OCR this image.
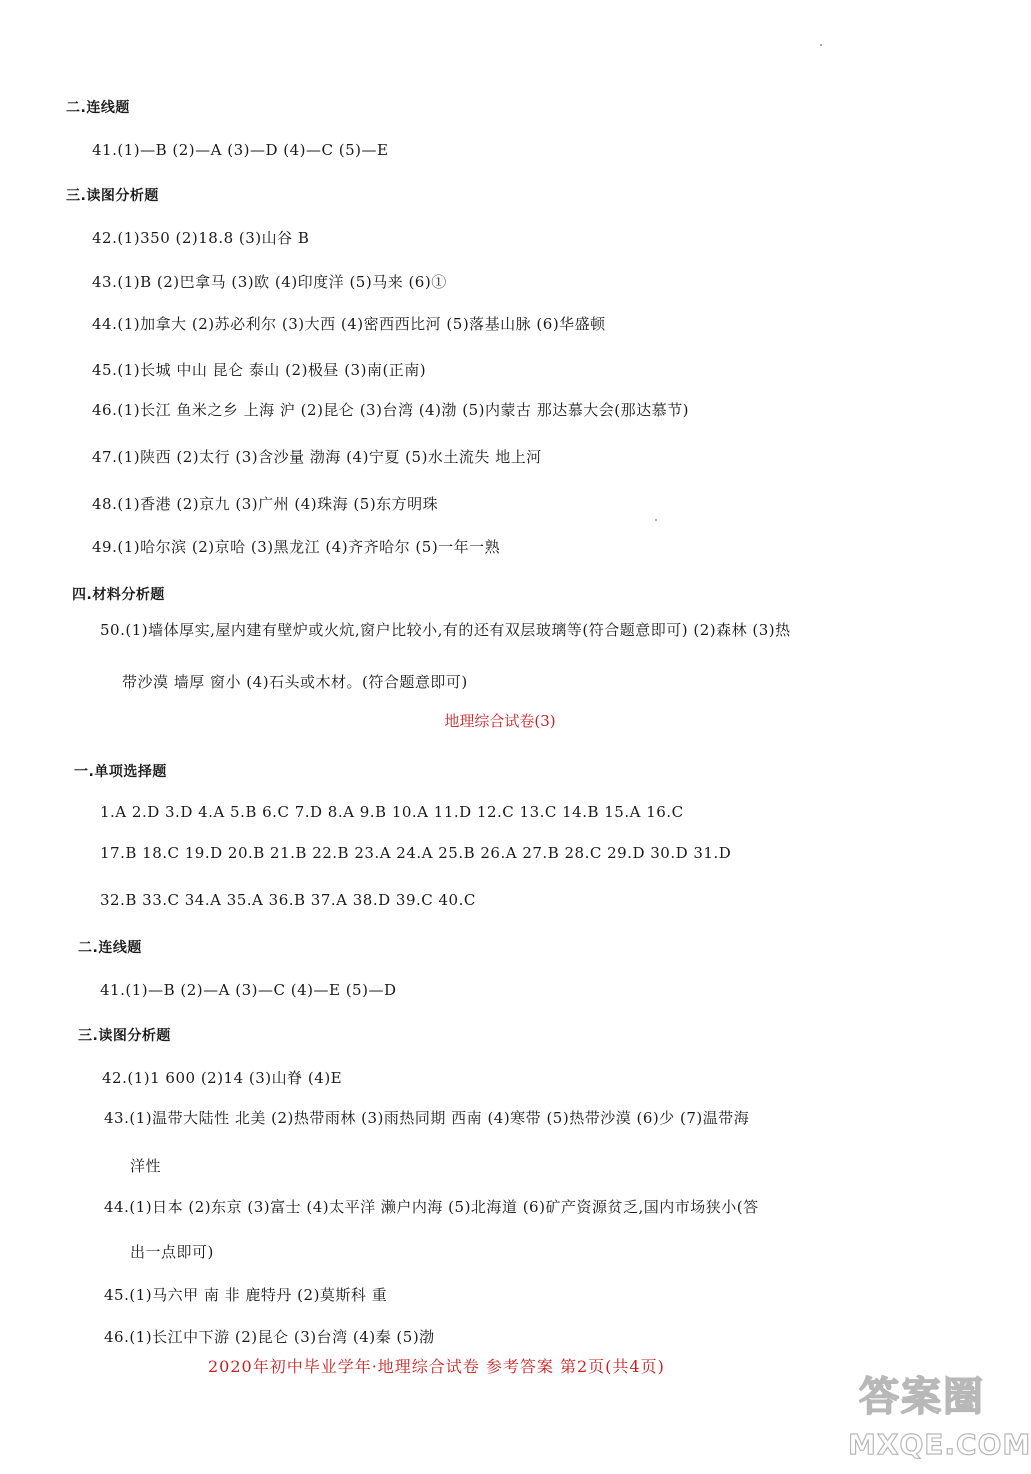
二.连线题
41.(1)—B (2)—A (3)—D (4)—C (5)—E
三.读图分析题
42.(1)350 (2)18.8 (3)山谷 B
43.(1)B (2)巴拿马 (3)欧 (4)印度洋 (5)马来 (6)①
44.(1)加拿大 (2)苏必利尔 (3)大西 (4)密西西比河 (5)落基山脉 (6)华盛顿
45.(1)长城 中山 昆仑 泰山 (2)极昼 (3)南(正南)
46.(1)长江 鱼米之乡 上海 沪 (2)昆仑 (3)台湾 (4)渤 (5)内蒙古 那达慕大会(那达慕节)
47.(1)陕西 (2)太行 (3)含沙量 渤海 (4)宁夏 (5)水土流失 地上河
48.(1)香港 (2)京九 (3)广州 (4)珠海 (5)东方明珠
49.(1)哈尔滨 (2)京哈 (3)黑龙江 (4)齐齐哈尔 (5)一年一熟
四.材料分析题
50.(1)墙体厚实,屋内建有壁炉或火炕,窗户比较小,有的还有双层玻璃等(符合题意即可) (2)森林 (3)热
带沙漠 墙厚 窗小 (4)石头或木材。(符合题意即可)
地理综合试卷(3)
一.单项选择题
1.A 2.D 3.D 4.A 5.B 6.C 7.D 8.A 9.B 10.A 11.D 12.C 13.C 14.B 15.A 16.C
17.B 18.C 19.D 20.B 21.B 22.B 23.A 24.A 25.B 26.A 27.B 28.C 29.D 30.D 31.D
32.B 33.C 34.A 35.A 36.B 37.A 38.D 39.C 40.C
二.连线题
41.(1)—B (2)—A (3)—C (4)—E (5)—D
三.读图分析题
42.(1)1 600 (2)14 (3)山脊 (4)E
43.(1)温带大陆性 北美 (2)热带雨林 (3)雨热同期 西南 (4)寒带 (5)热带沙漠 (6)少 (7)温带海
洋性
44.(1)日本 (2)东京 (3)富士 (4)太平洋 濑户内海 (5)北海道 (6)矿产资源贫乏,国内市场狭小(答
出一点即可)
45.(1)马六甲 南 非 鹿特丹 (2)莫斯科 重
46.(1)长江中下游 (2)昆仑 (3)台湾 (4)秦 (5)渤
2020年初中毕业学年·地理综合试卷 参考答案 第2页(共4页)
答案圈
MXQE.COM
